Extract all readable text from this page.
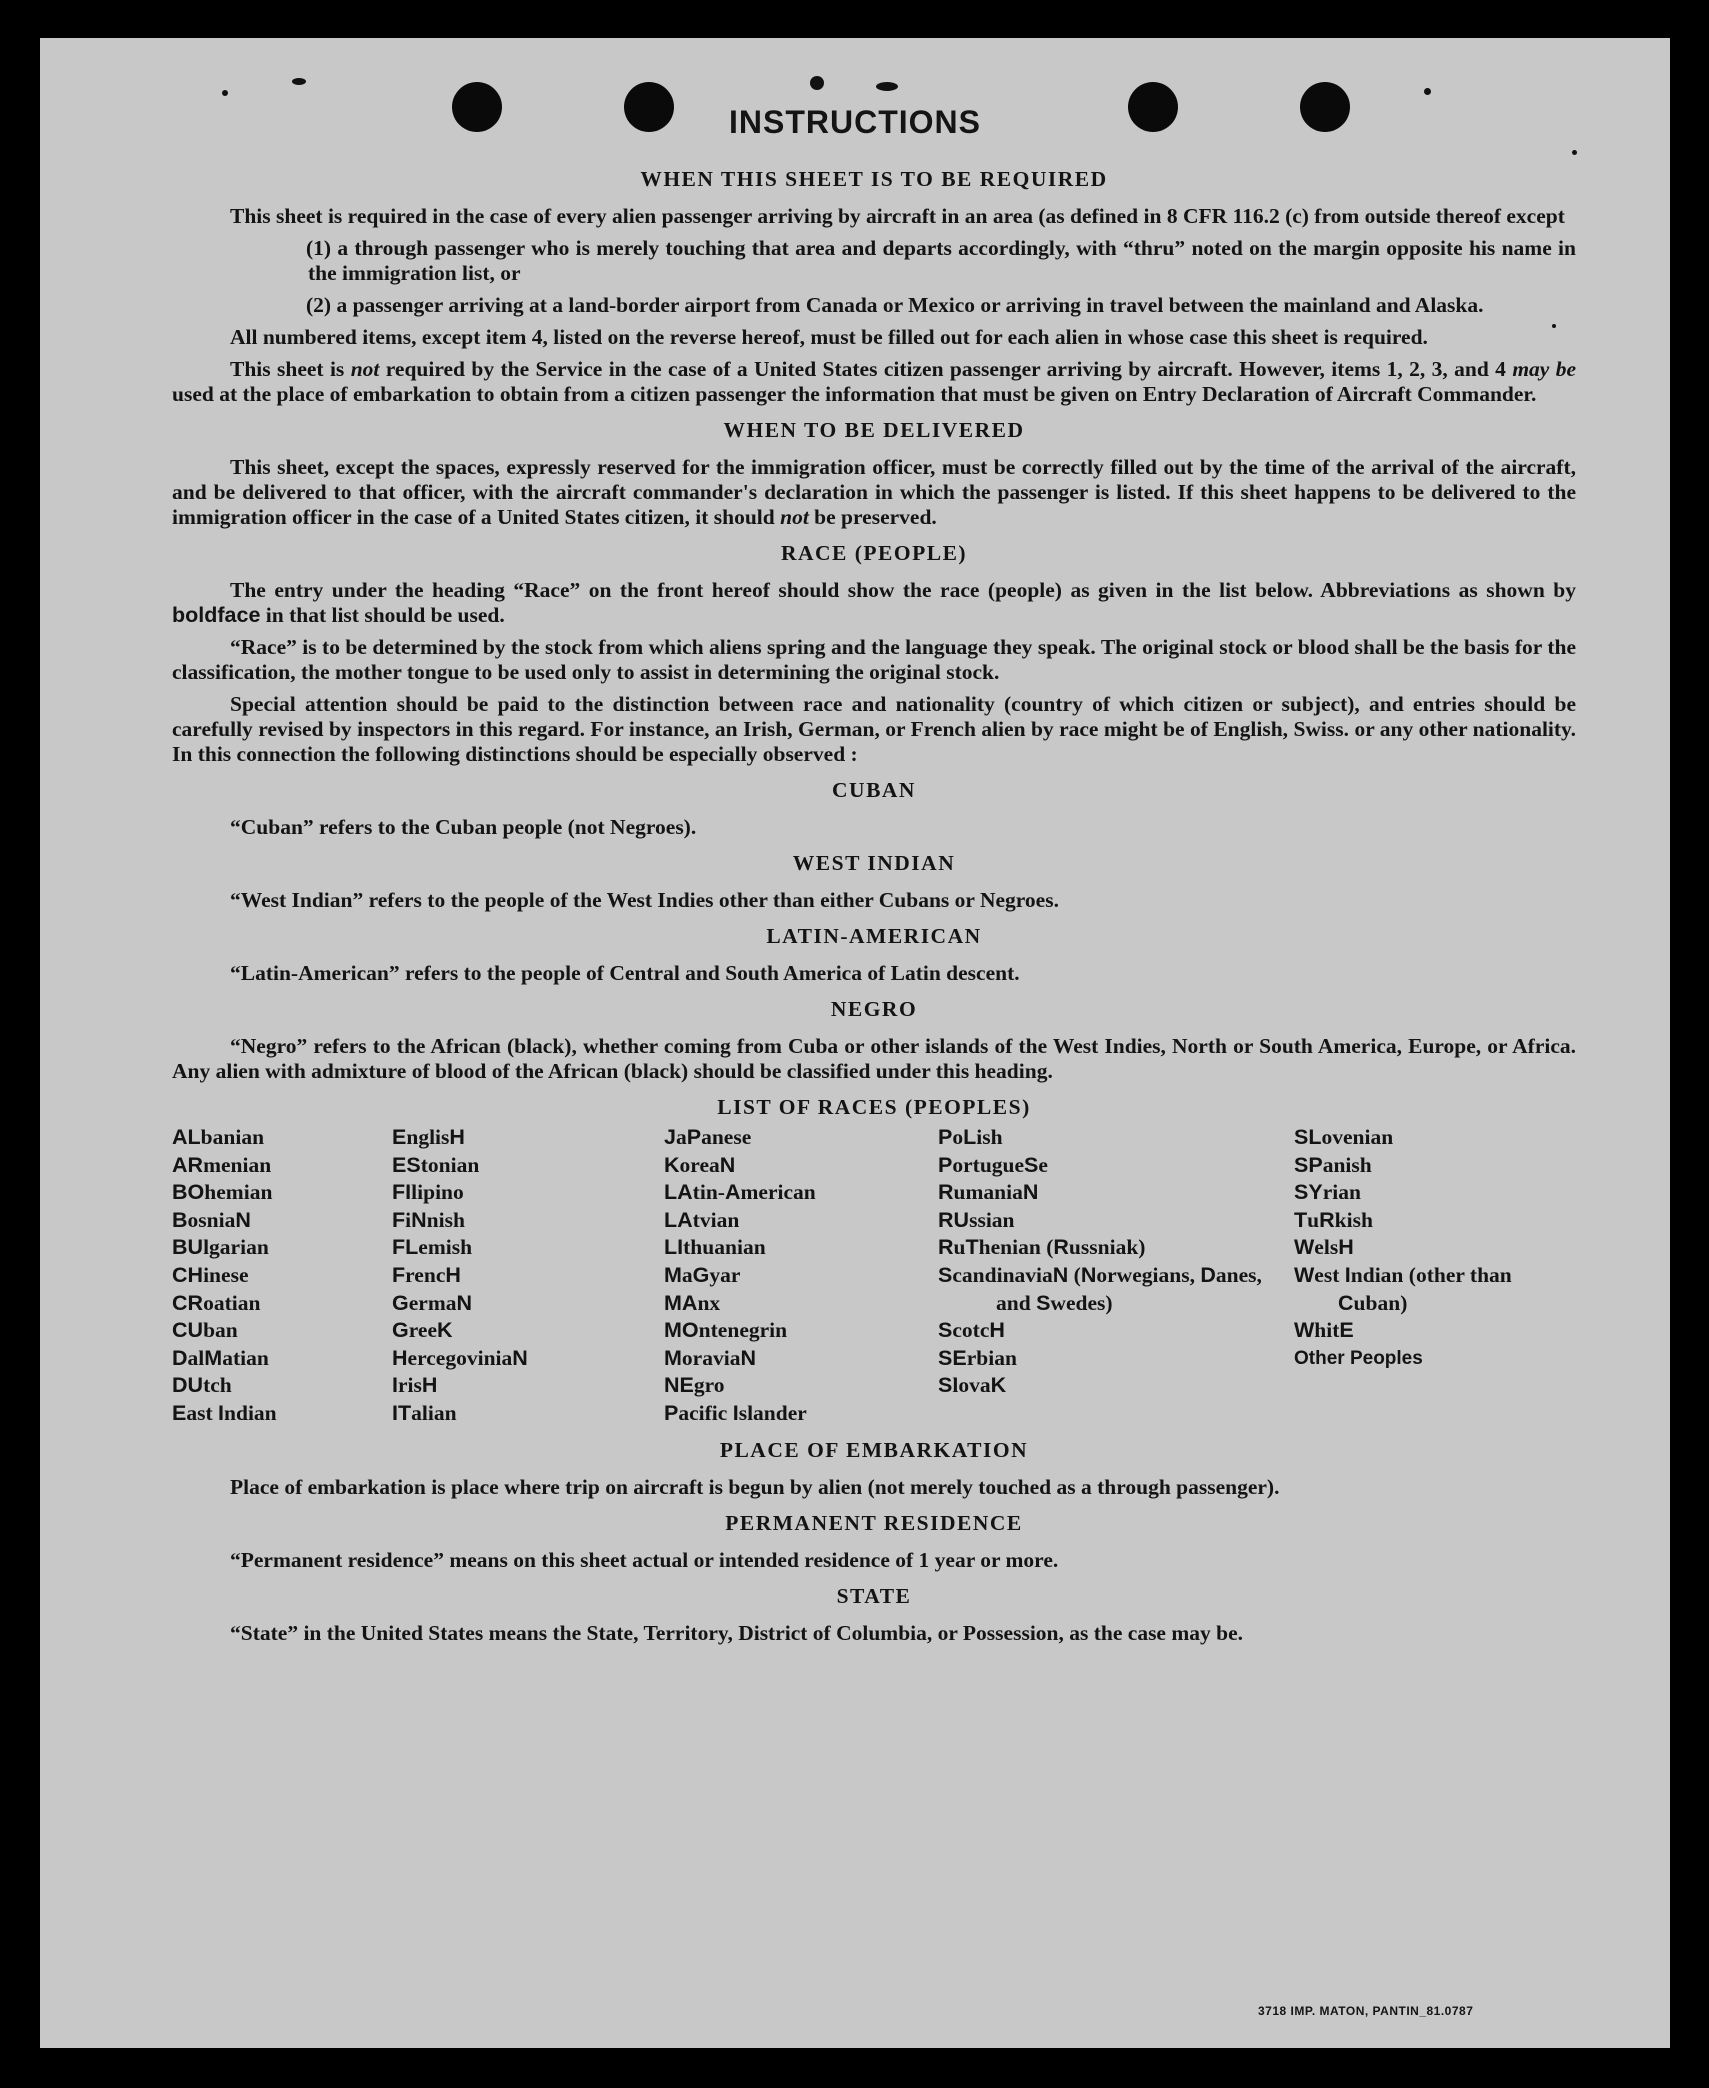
INSTRUCTIONS
WHEN THIS SHEET IS TO BE REQUIRED

This sheet is required in the case of every alien passenger arriving by aircraft in an area (as defined in 8 CFR 116.2 (c) from outside thereof except

(1) a through passenger who is merely touching that area and departs accordingly, with “thru” noted on the margin opposite his name in the immigration list, or
(2) a passenger arriving at a land-border airport from Canada or Mexico or arriving in travel between the mainland and Alaska.

All numbered items, except item 4, listed on the reverse hereof, must be filled out for each alien in whose case this sheet is required.

This sheet is not required by the Service in the case of a United States citizen passenger arriving by aircraft. However, items 1, 2, 3, and 4 may be used at the place of embarkation to obtain from a citizen passenger the information that must be given on Entry Declaration of Aircraft Commander.

WHEN TO BE DELIVERED

This sheet, except the spaces, expressly reserved for the immigration officer, must be correctly filled out by the time of the arrival of the aircraft, and be delivered to that officer, with the aircraft commander's declaration in which the passenger is listed. If this sheet happens to be delivered to the immigration officer in the case of a United States citizen, it should not be preserved.

RACE (PEOPLE)

The entry under the heading “Race” on the front hereof should show the race (people) as given in the list below. Abbreviations as shown by boldface in that list should be used.

“Race” is to be determined by the stock from which aliens spring and the language they speak. The original stock or blood shall be the basis for the classification, the mother tongue to be used only to assist in determining the original stock.

Special attention should be paid to the distinction between race and nationality (country of which citizen or subject), and entries should be carefully revised by inspectors in this regard. For instance, an Irish, German, or French alien by race might be of English, Swiss. or any other nationality. In this connection the following distinctions should be especially observed :

CUBAN

“Cuban” refers to the Cuban people (not Negroes).

WEST INDIAN

“West Indian” refers to the people of the West Indies other than either Cubans or Negroes.

LATIN-AMERICAN

“Latin-American” refers to the people of Central and South America of Latin descent.

NEGRO

“Negro” refers to the African (black), whether coming from Cuba or other islands of the West Indies, North or South America, Europe, or Africa. Any alien with admixture of blood of the African (black) should be classified under this heading.

LIST OF RACES (PEOPLES)
ALbanian
ARmenian
BOhemian
BosniaN
BUlgarian
CHinese
CRoatian
CUban
DalMatian
DUtch
East Indian
EnglisH
EStonian
FIlipino
FiNnish
FLemish
FrencH
GermaN
GreeK
HercegoviniaN
IrisH
ITalian
JaPanese
KoreaN
LAtin-American
LAtvian
LIthuanian
MaGyar
MAnx
MOntenegrin
MoraviaN
NEgro
Pacific Islander
PoLish
PortugueSe
RumaniaN
RUssian
RuThenian (Russniak)
ScandinaviaN (Norwegians, Danes, and Swedes)
ScotcH
SErbian
SlovaK
SLovenian
SPanish
SYrian
TuRkish
WelsH
West Indian (other than Cuban)
WhitE
Other Peoples
PLACE OF EMBARKATION

Place of embarkation is place where trip on aircraft is begun by alien (not merely touched as a through passenger).

PERMANENT RESIDENCE

“Permanent residence” means on this sheet actual or intended residence of 1 year or more.

STATE

“State” in the United States means the State, Territory, District of Columbia, or Possession, as the case may be.

3718 IMP. MATON, PANTIN_81.0787
